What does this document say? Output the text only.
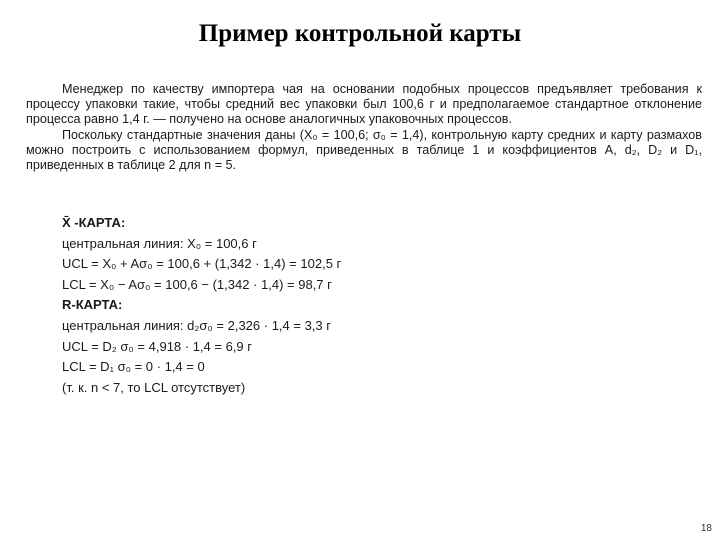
Пример контрольной карты

Менеджер по качеству импортера чая на основании подобных процессов предъявляет требования к процессу упаковки такие, чтобы средний вес упаковки был 100,6 г и предполагаемое стандартное отклонение процесса равно 1,4 г. — получено на основе аналогичных упаковочных процессов.

Поскольку стандартные значения даны (X₀ = 100,6; σ₀ = 1,4), контрольную карту средних и карту размахов можно построить с использованием формул, приведенных в таблице 1 и коэффициентов A, d₂, D₂ и D₁, приведенных в таблице 2 для n = 5.

X̄ -КАРТА:
центральная линия: X₀ = 100,6 г
UCL = X₀ + Aσ₀ = 100,6 + (1,342 · 1,4) = 102,5 г
LCL = X₀ − Aσ₀ = 100,6 − (1,342 · 1,4) = 98,7 г
R-КАРТА:
центральная линия: d₂σ₀ = 2,326 · 1,4 = 3,3 г
UCL = D₂ σ₀ = 4,918 · 1,4 = 6,9 г
LCL = D₁ σ₀ = 0 · 1,4 = 0
(т. к. n < 7, то LCL отсутствует)
18
